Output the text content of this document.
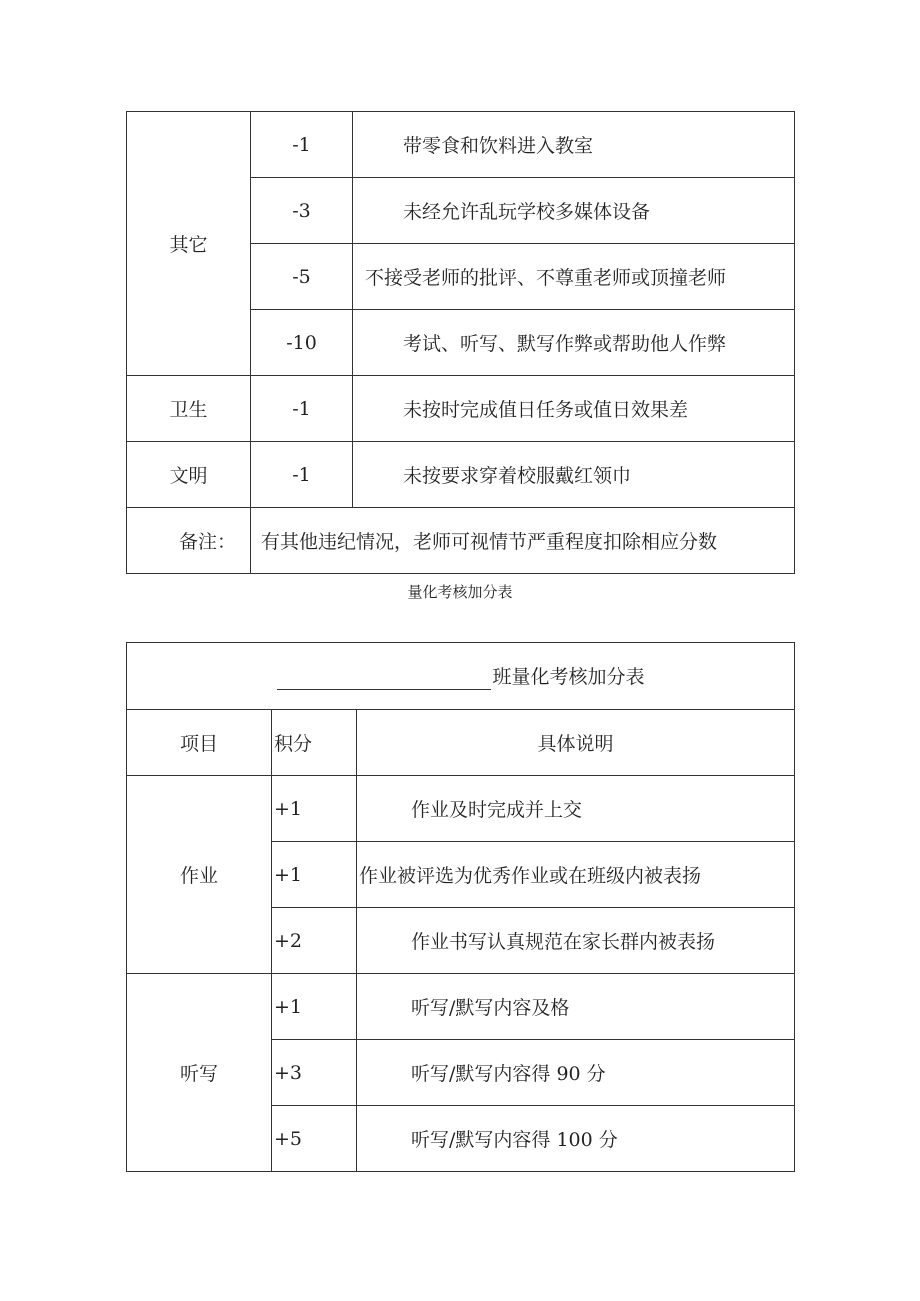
其它	-1	带零食和饮料进入教室
	-3	未经允许乱玩学校多媒体设备
	-5	不接受老师的批评、不尊重老师或顶撞老师
	-10	考试、听写、默写作弊或帮助他人作弊
卫生	-1	未按时完成值日任务或值日效果差
文明	-1	未按要求穿着校服戴红领巾
备注：	有其他违纪情况，老师可视情节严重程度扣除相应分数	
量化考核加分表
班量化考核加分表		
项目	积分	具体说明
作业	+1	作业及时完成并上交
	+1	作业被评选为优秀作业或在班级内被表扬
	+2	作业书写认真规范在家长群内被表扬
听写	+1	听写/默写内容及格
	+3	听写/默写内容得 90 分
	+5	听写/默写内容得 100 分
